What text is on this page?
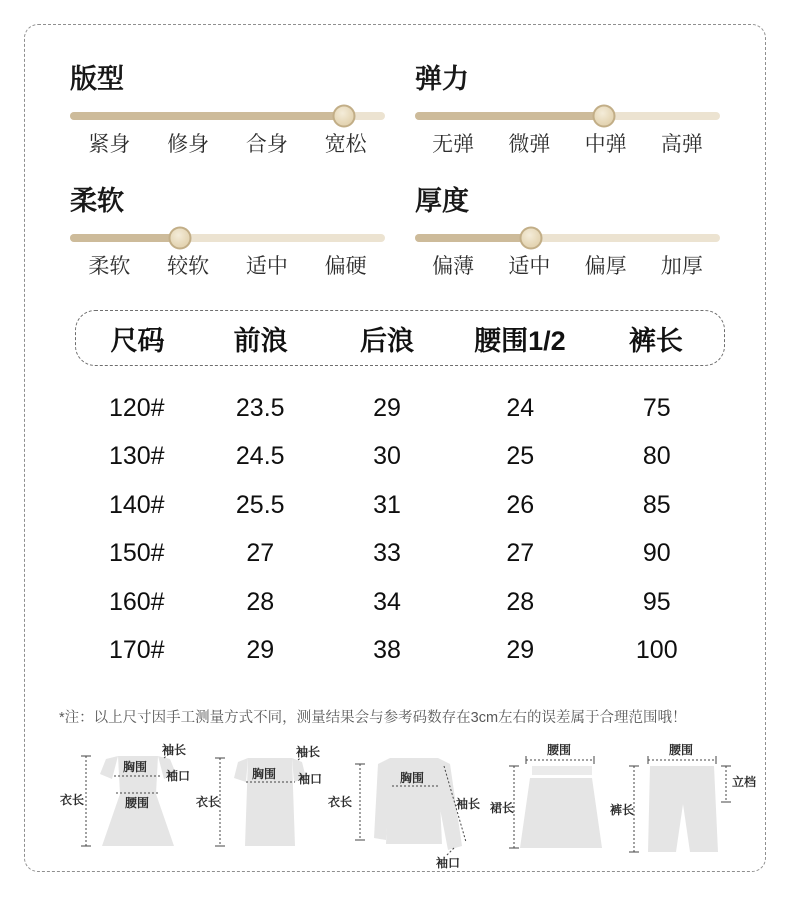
版型
紧身	修身	合身	宽松
弹力
无弹	微弹	中弹	高弹
柔软
柔软	较软	适中	偏硬
厚度
偏薄	适中	偏厚	加厚
尺码	前浪	后浪	腰围1/2	裤长
120#	23.5	29	24	75
130#	24.5	30	25	80
140#	25.5	31	26	85
150#	27	33	27	90
160#	28	34	28	95
170#	29	38	29	100
*注：以上尺寸因手工测量方式不同，测量结果会与参考码数存在3cm左右的误差属于合理范围哦！
衣长
胸围
腰围
袖长
袖口
衣长
胸围
袖长
袖口
衣长
胸围
袖长
袖口
腰围
裙长
腰围
裤长
立档
